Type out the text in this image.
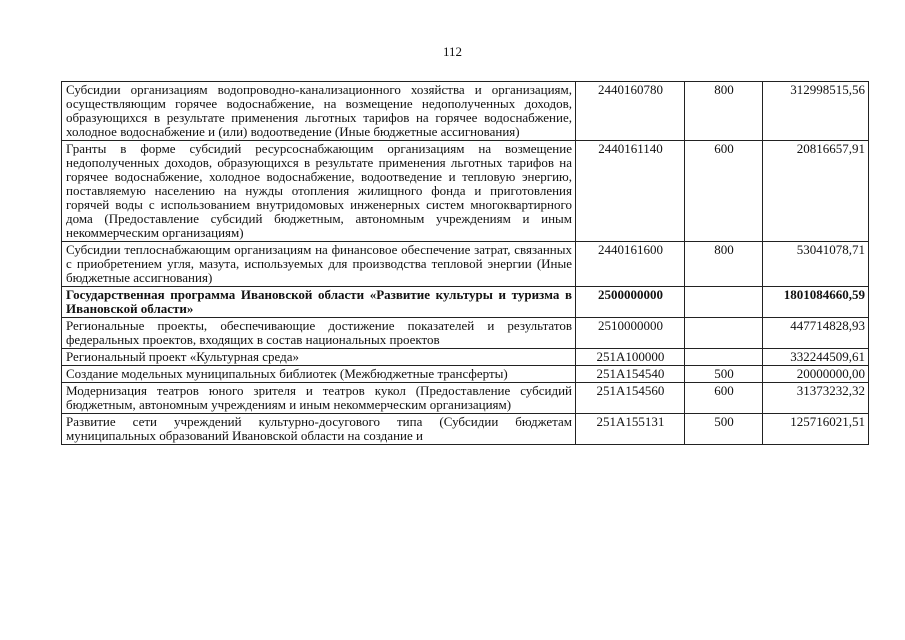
112
Субсидии организациям водопроводно-канализационного хозяйства и организациям, осуществляющим горячее водоснабжение, на возмещение недополученных доходов, образующихся в результате применения льготных тарифов на горячее водоснабжение, холодное водоснабжение и (или) водоотведение (Иные бюджетные ассигнования)	2440160780	800	312998515,56
Гранты в форме субсидий ресурсоснабжающим организациям на возмещение недополученных доходов, образующихся в результате применения льготных тарифов на горячее водоснабжение, холодное водоснабжение, водоотведение и тепловую энергию, поставляемую населению на нужды отопления жилищного фонда и приготовления горячей воды с использованием внутридомовых инженерных систем многоквартирного дома (Предоставление субсидий бюджетным, автономным учреждениям и иным некоммерческим организациям)	2440161140	600	20816657,91
Субсидии теплоснабжающим организациям на финансовое обеспечение затрат, связанных с приобретением угля, мазута, используемых для производства тепловой энергии (Иные бюджетные ассигнования)	2440161600	800	53041078,71
Государственная программа Ивановской области «Развитие культуры и туризма в Ивановской области»	2500000000		1801084660,59
Региональные проекты, обеспечивающие достижение показателей и результатов федеральных проектов, входящих в состав национальных проектов	2510000000		447714828,93
Региональный проект «Культурная среда»	251А100000		332244509,61
Создание модельных муниципальных библиотек (Межбюджетные трансферты)	251А154540	500	20000000,00
Модернизация театров юного зрителя и театров кукол (Предоставление субсидий бюджетным, автономным учреждениям и иным некоммерческим организациям)	251А154560	600	31373232,32
Развитие сети учреждений культурно-досугового типа (Субсидии бюджетам муниципальных образований Ивановской области на создание и	251А155131	500	125716021,51
